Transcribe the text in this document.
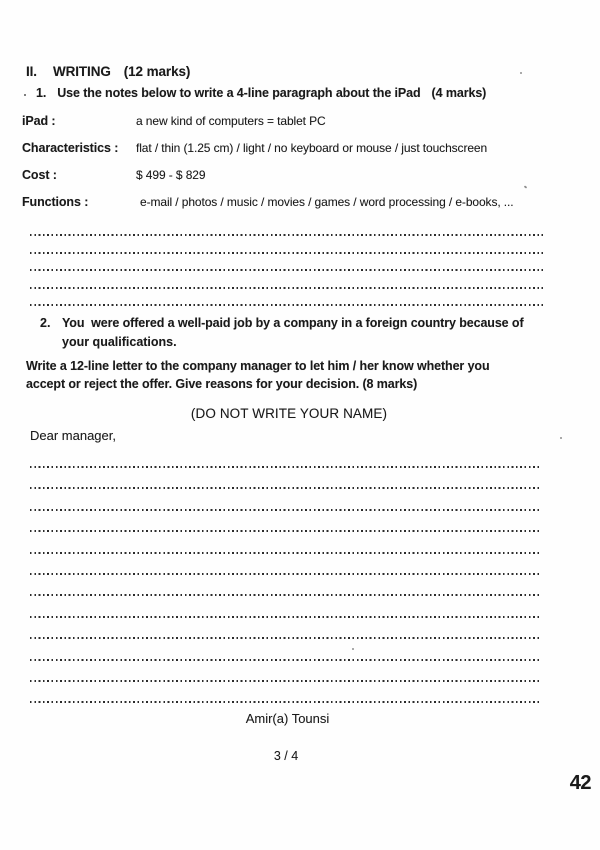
II. WRITING (12 marks)
1. Use the notes below to write a 4-line paragraph about the iPad (4 marks)
iPad :	a new kind of computers = tablet PC
Characteristics : flat / thin (1.25 cm) / light / no keyboard or mouse / just touchscreen
Cost :	$ 499 - $ 829
Functions :	e-mail / photos / music / movies / games / word processing / e-books, ...
2. You  were offered a well-paid job by a company in a foreign country because of
your qualifications.
Write a 12-line letter to the company manager to let him / her know whether you
accept or reject the offer. Give reasons for your decision. (8 marks)
(DO NOT WRITE YOUR NAME)
Dear manager,
Amir(a) Tounsi
3 / 4
42
